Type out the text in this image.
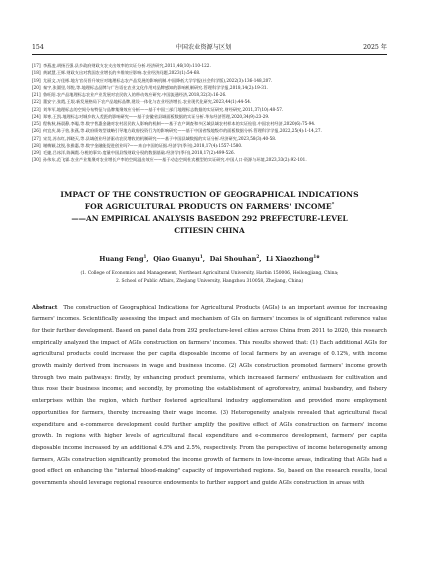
154	中国农业资源与区划	2025 年
[17] 李燕凌,胡扬百强.县乡政府财政支农支出效率的实证分析.经济研究,2011,46(10):110-122.
[18] 黄斌慧,王辉.财政支出对我国农业增长的多维效应影响.农业经济问题,2023(1):54-68.
[19] 尤丽文,万佳彬.地方官员晋升效应对地理标志农产品发展的影响机制.中国降低大学学报(社会科学版),2022(3):136-148,207.
[20] 秦宇,张圆里,邻悦,等.地理标志品牌与广告语在农业文化作用对品牌感知的影响机制研究.管理科学学报,2018,14(2):19-31.
[21] 鲁旺阳.农产品地理标志农业产业发展对农民收入的带动效应研究.中国流通经济,2018,32(3):16-26.
[22] 董安宁,张霞,王垠.新发展格局下农产品地标品牌,建设一体化与农业经济增长.农业现代化研究,2023,44(1):44-54.
[23] 刘华军,地理标志的空间分布特征与品牌集聚效应分析——基于中国三部门地理标志数据的实证研究.财经研究,2011,37(10):48-57.
[24] 郑寒,王凯.地理标志对城乡收入差距的影响研究——基于安徽省县域面板数据的实证分析.华东经济管理,2020,34(9):23-29.
[25] 程秋秋,杨晨静,李聪,等.数字普惠金融对农村居民收入影响的机制——基于农户调查和多区域县域农村样本的实证检验.中国农村经济,2020(6):75-94.
[26] 何宜庆,陈子怡,张燕,等.政府绩效型战略引导地方政府投资行为的影响研究——基于中国省级地级市的面板数据分析.管理科学学报,2022,25(4):1-14,27.
[27] 宋昊,苏东红,郭晓天,等.县域创业经济驱动农民增收的机制研究——基于中国县域数据的实证分析.经济研究,2023,58(3):40-58.
[28] 谢梅颖,沈锐,张雅惠,等.数字金融能促进创业吗?——来自中国的证据.经济学(季刊),2018,17(4):1557-1580.
[29] 毛捷,吕冰洋,陈佩霞.分税的事实:度量中国县级财政分权的数据基础.经济学(季刊),2018,17(2):499-526.
[30] 孙伟东,范飞霖.农业产业集聚对农业增长产率的空间溢出效应——基于动态空间杜宾模型的实证研究.中国人口·资源与环境,2023,33(2):92-101.
IMPACT OF THE CONSTRUCTION OF GEOGRAPHICAL INDICATIONS
FOR AGRICULTURAL PRODUCTS ON FARMERS' INCOME*
——AN EMPIRICAL ANALYSIS BASEDON 292 PREFECTURE-LEVEL
CITIESIN CHINA
Huang Feng$^1$,  Qiao Guanyu$^1$,  Dai Shouhan$^2$,  Li Xiaozhong$^{1※}$
(1. College of Economics and Management, Northeast Agricultural University, Harbin 150006, Heilongjiang, China;
2. School of Public Affairs, Zhejiang University, Hangzhou 310058, Zhejiang, China)
Abstract The construction of Geographical Indications for Agricultural Products (AGIs) is an important avenue for increasing farmers' incomes. Scientifically assessing the impact and mechanism of GIs on farmers' incomes is of significant reference value for their further development. Based on panel data from 292 prefecture-level cities across China from 2011 to 2020, this research empirically analyzed the impact of AGIs construction on farmers' incomes. This results showed that: (1) Each additional AGIs for agricultural products could increase the per capita disposable income of local farmers by an average of 0.12%, with income growth mainly derived from increases in wage and business income. (2) AGIs construction promoted farmers' income growth through two main pathways: firstly, by enhancing product premiums, which increased farmers' enthusiasm for cultivation and thus rose their business income; and secondly, by promoting the establishment of agroforestry, animal husbandry, and fishery enterprises within the region, which further fostered agricultural industry agglomeration and provided more employment opportunities for farmers, thereby increasing their wage income. (3) Heterogeneity analysis revealed that agricultural fiscal expenditure and e-commerce development could further amplify the positive effect of AGIs construction on farmers' income growth. In regions with higher levels of agricultural fiscal expenditure and e-commerce development, farmers' per capita disposable income increased by an additional 4.5% and 2.5%, respectively. From the perspective of income heterogeneity among farmers, AGIs construction significantly promoted the income growth of farmers in low-income areas, indicating that AGIs had a good effect on enhancing the "internal blood-making" capacity of impoverished regions. So, based on the research results, local governments should leverage regional resource endowments to further support and guide AGIs construction in areas with
